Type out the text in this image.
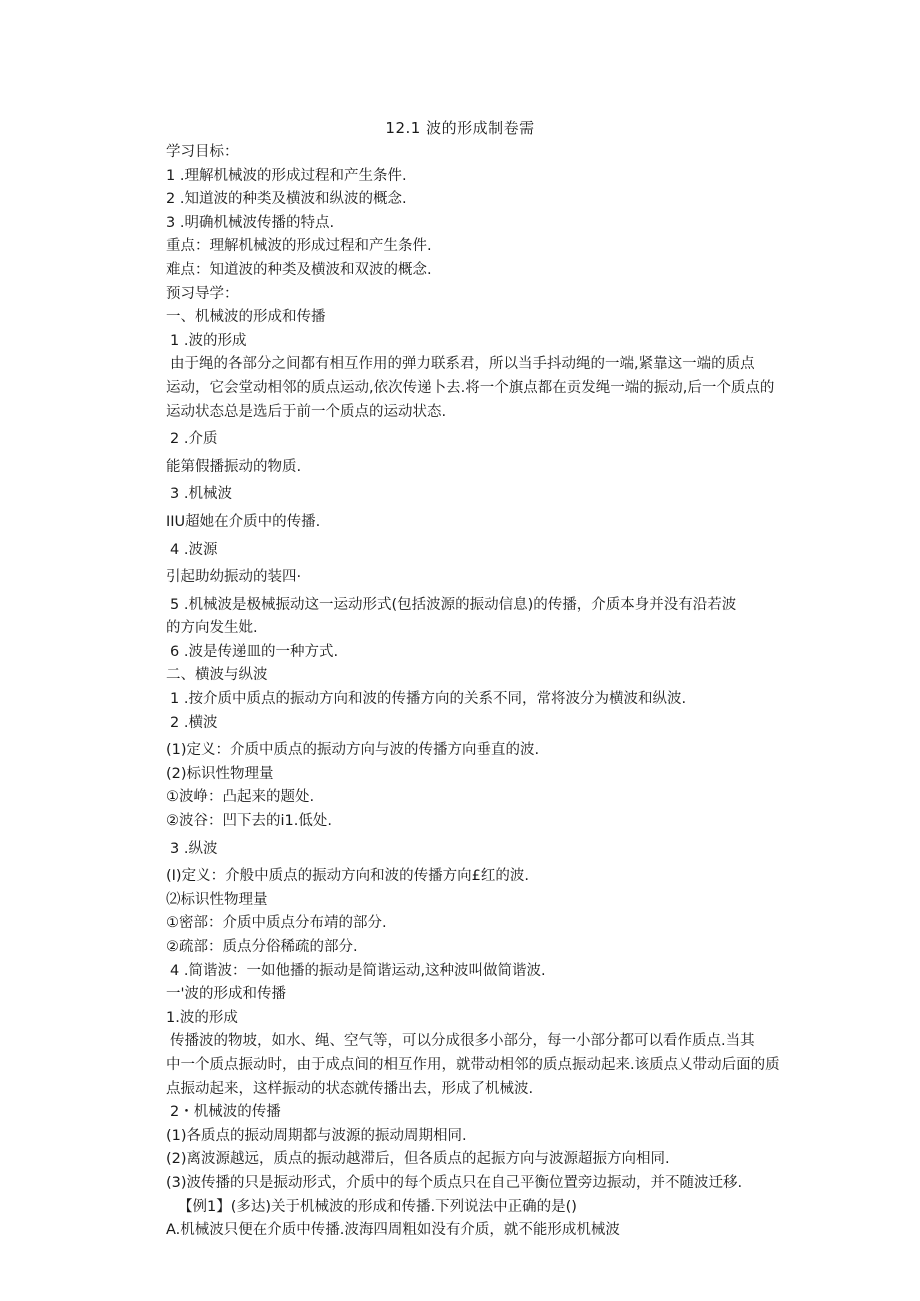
12.1 波的形成制卷需
学习目标：
1 .理解机械波的形成过程和产生条件.
2 .知道波的种类及横波和纵波的概念.
3 .明确机械波传播的特点.
重点：理解机械波的形成过程和产生条件.
难点：知道波的种类及横波和双波的概念.
预习导学：
一、机械波的形成和传播
1 .波的形成
由于绳的各部分之间都有相互作用的弹力联系君，所以当手抖动绳的一端,紧靠这一端的质点
运动，它会堂动相邻的质点运动,依次传递卜去.将一个旗点都在贡发绳一端的振动,后一个质点的
运动状态总是选后于前一个质点的运动状态.
2 .介质
能第假播振动的物质.
3 .机械波
IIU超她在介质中的传播.
4 .波源
引起助幼振动的装四·
5 .机械波是极械振动这一运动形式(包括波源的振动信息)的传播，介质本身并没有沿若波
的方向发生妣.
6 .波是传递皿的一种方式.
二、横波与纵波
1 .按介质中质点的振动方向和波的传播方向的关系不同，常将波分为横波和纵波.
2 .横波
(1)定义：介质中质点的振动方向与波的传播方向垂直的波.
(2)标识性物理量
①波峥：凸起来的题处.
②波谷：凹下去的i1.低处.
3 .纵波
(I)定义：介般中质点的振动方向和波的传播方向£红的波.
⑵标识性物理量
①密部：介质中质点分布靖的部分.
②疏部：质点分俗稀疏的部分.
4 .简谐波：一如他播的振动是简谐运动,这种波叫做简谐波.
一'波的形成和传播
1.波的形成
传播波的物坡，如水、绳、空气等，可以分成很多小部分，每一小部分都可以看作质点.当其
中一个质点振动时，由于成点间的相互作用，就带动相邻的质点振动起来.该质点乂带动后面的质
点振动起来，这样振动的状态就传播出去，形成了机械波.
2・机械波的传播
(1)各质点的振动周期都与波源的振动周期相同.
(2)离波源越远，质点的振动越滞后，但各质点的起振方向与波源超振方向相同.
(3)波传播的只是振动形式，介质中的每个质点只在自己平衡位置旁边振动，并不随波迁移.
【例1】(多达)关于机械波的形成和传播.下列说法中正确的是()
A.机械波只便在介质中传播.波海四周粗如没有介质，就不能形成机械波
